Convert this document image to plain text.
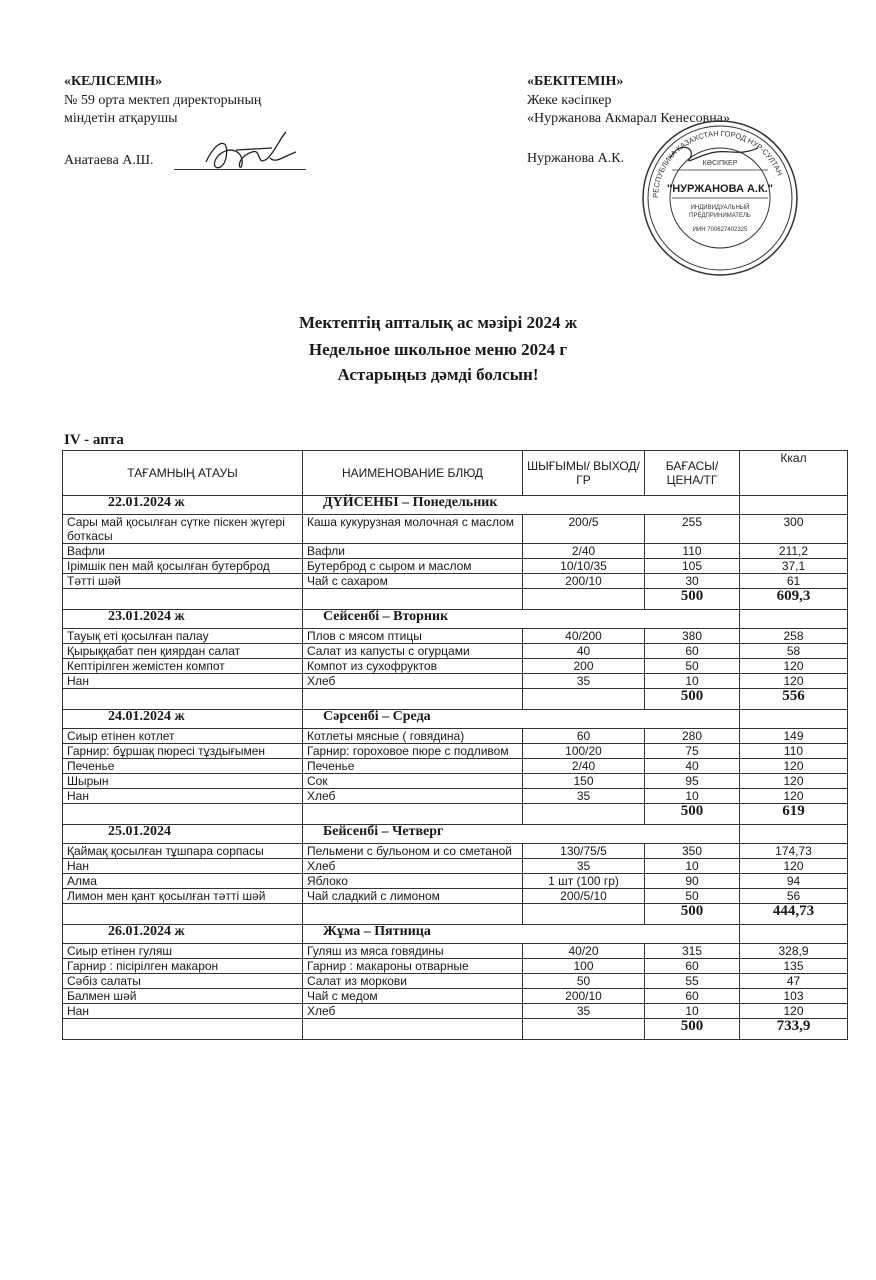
«КЕЛІСЕМІН»
№ 59 орта мектеп директорының
міндетін атқарушы
Анатаева А.Ш.
«БЕКІТЕМІН»
Жеке кәсіпкер
«Нуржанова Акмарал Кенесовна»
Нуржанова А.К.
РЕСПУБЛИКА КАЗАХСТАН ГОРОД НУР-СУЛТАН
КӘСІПКЕР
"НУРЖАНОВА А.К."
ИНДИВИДУАЛЬНЫЙ
ПРЕДПРИНИМАТЕЛЬ
ИИН 700627402325
Мектептің апталық ас мәзірі 2024 ж
Недельное школьное меню 2024 г
Астарыңыз дәмді болсын!
IV - апта
ТАҒАМНЫҢ АТАУЫ	НАИМЕНОВАНИЕ БЛЮД	ШЫҒЫМЫ/ ВЫХОД/ГР	БАҒАСЫ/ ЦЕНА/ТГ	Ккал
22.01.2024 ж	ДҮЙСЕНБІ – Понедельник			
Сары май қосылған сүтке піскен жүгері боткасы	Каша кукурузная молочная с маслом	200/5	255	300
Вафли	Вафли	2/40	110	211,2
Ірімшік пен май қосылған бутерброд	Бутерброд с сыром и маслом	10/10/35	105	37,1
Тәтті шәй	Чай с сахаром	200/10	30	61
			500	609,3
23.01.2024 ж	Сейсенбі – Вторник			
Тауық еті қосылған палау	Плов с мясом птицы	40/200	380	258
Қырыққабат пен қиярдан салат	Салат из капусты с огурцами	40	60	58
Кептірілген жемістен компот	Компот из сухофруктов	200	50	120
Нан	Хлеб	35	10	120
			500	556
24.01.2024 ж	Сәрсенбі – Среда			
Сиыр етінен котлет	Котлеты мясные ( говядина)	60	280	149
Гарнир: бұршақ пюресі тұздығымен	Гарнир: гороховое пюре с подливом	100/20	75	110
Печенье	Печенье	2/40	40	120
Шырын	Сок	150	95	120
Нан	Хлеб	35	10	120
			500	619
25.01.2024	Бейсенбі – Четверг			
Қаймақ қосылған тұшпара сорпасы	Пельмени с бульоном и со сметаной	130/75/5	350	174,73
Нан	Хлеб	35	10	120
Алма	Яблоко	1 шт (100 гр)	90	94
Лимон мен қант қосылған тәтті шәй	Чай сладкий с лимоном	200/5/10	50	56
			500	444,73
26.01.2024 ж	Жұма – Пятница			
Сиыр етінен гуляш	Гуляш из мяса говядины	40/20	315	328,9
Гарнир : пісірілген макарон	Гарнир : макароны отварные	100	60	135
Сәбіз салаты	Салат из моркови	50	55	47
Балмен шәй	Чай с медом	200/10	60	103
Нан	Хлеб	35	10	120
			500	733,9
